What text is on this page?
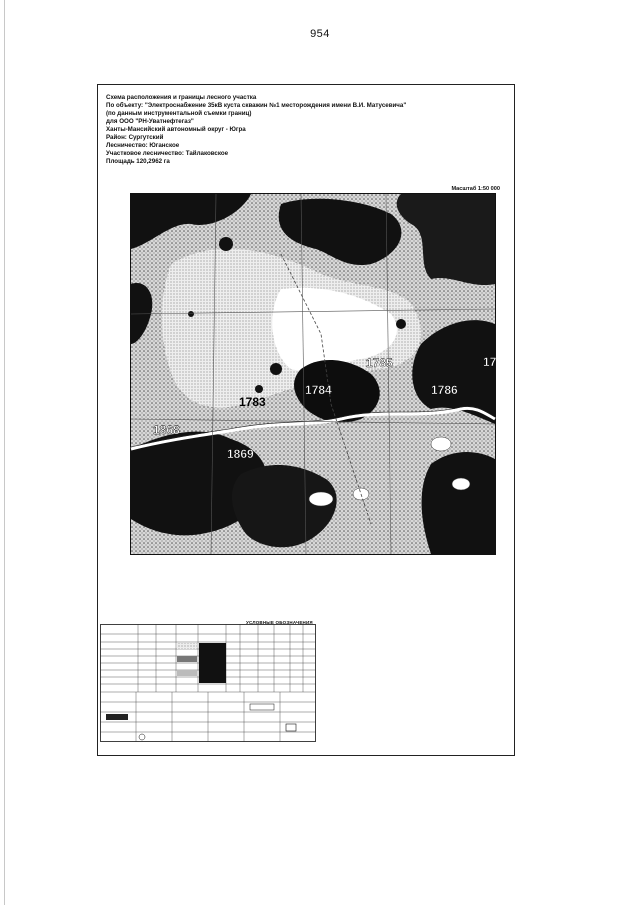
954
Схема расположения и границы лесного участка
По объекту: "Электроснабжение 35кВ куста скважин №1 месторождения имени В.И. Матусевича"
(по данным инструментальной съемки границ)
для ООО "РН-Уватнефтегаз"
Ханты-Мансийский автономный округ - Югра
Район: Сургутский
Лесничество: Юганское
Участковое лесничество: Тайлаковское
Площадь 120,2962 га
Масштаб 1:50 000
1785
1784
1783
1786
1868
1869
17
УСЛОВНЫЕ ОБОЗНАЧЕНИЯ
